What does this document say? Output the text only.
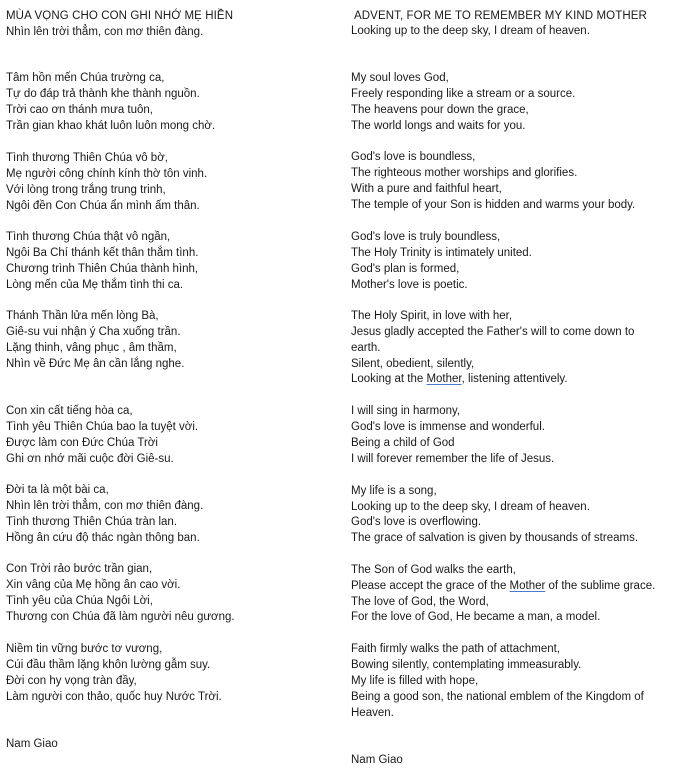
MÙA VỌNG CHO CON GHI NHỚ MẸ HIỀN
Nhìn lên trời thẳm, con mơ thiên đàng.
Tâm hồn mến Chúa trường ca,
Tự do đáp trả thành khe thành nguồn.
Trời cao ơn thánh mưa tuôn,
Trần gian khao khát luôn luôn mong chờ.
Tình thương Thiên Chúa vô bờ,
Mẹ người công chính kính thờ tôn vinh.
Với lòng trong trắng trung trinh,
Ngôi đền Con Chúa ẩn mình ấm thân.
Tình thương Chúa thật vô ngần,
Ngôi Ba Chí thánh kết thân thắm tình.
Chương trình Thiên Chúa thành hình,
Lòng mến của Mẹ thắm tình thi ca.
Thánh Thần lửa mến lòng Bà,
Giê-su vui nhận ý Cha xuống trần.
Lặng thinh, vâng phục , âm thầm,
Nhìn về Đức Mẹ ân cần lắng nghe.
Con xin cất tiếng hòa ca,
Tình yêu Thiên Chúa bao la tuyệt vời.
Được làm con Đức Chúa Trời
Ghi ơn nhớ mãi cuộc đời Giê-su.
Đời ta là một bài ca,
Nhìn lên trời thẳm, con mơ thiên đàng.
Tình thương Thiên Chúa tràn lan.
Hồng ân cứu độ thác ngàn thông ban.
Con Trời rảo bước trần gian,
Xin vâng của Mẹ hồng ân cao vời.
Tình yêu của Chúa Ngôi Lời,
Thương con Chúa đã làm người nêu gương.
Niềm tin vững bước tơ vương,
Cúi đầu thầm lặng khôn lường gẫm suy.
Đời con hy vọng tràn đầy,
Làm người con thảo, quốc huy Nước Trời.
Nam Giao
ADVENT, FOR ME TO REMEMBER MY KIND MOTHER
Looking up to the deep sky, I dream of heaven.
My soul loves God,
Freely responding like a stream or a source.
The heavens pour down the grace,
The world longs and waits for you.
God's love is boundless,
The righteous mother worships and glorifies.
With a pure and faithful heart,
The temple of your Son is hidden and warms your body.
God's love is truly boundless,
The Holy Trinity is intimately united.
God's plan is formed,
Mother's love is poetic.
The Holy Spirit, in love with her,
Jesus gladly accepted the Father's will to come down to
earth.
Silent, obedient, silently,
Looking at the Mother, listening attentively.
I will sing in harmony,
God's love is immense and wonderful.
Being a child of God
I will forever remember the life of Jesus.
My life is a song,
Looking up to the deep sky, I dream of heaven.
God's love is overflowing.
The grace of salvation is given by thousands of streams.
The Son of God walks the earth,
Please accept the grace of the Mother of the sublime grace.
The love of God, the Word,
For the love of God, He became a man, a model.
Faith firmly walks the path of attachment,
Bowing silently, contemplating immeasurably.
My life is filled with hope,
Being a good son, the national emblem of the Kingdom of
Heaven.
Nam Giao
